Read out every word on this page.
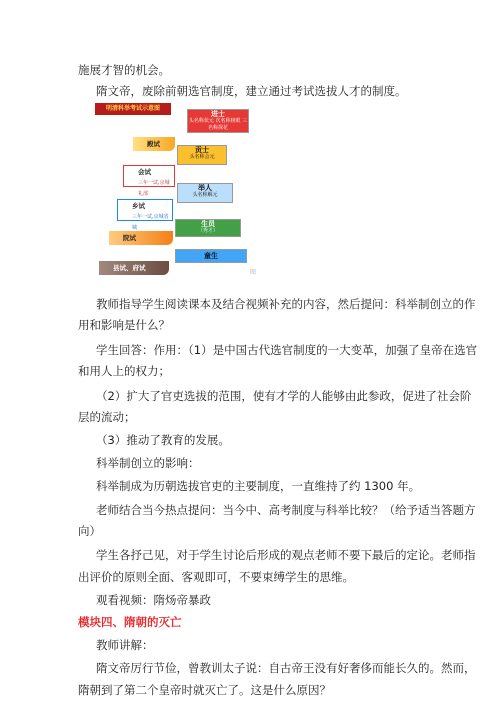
施展才智的机会。
隋文帝，废除前朝选官制度，建立通过考试选拔人才的制度。
明清科举考试示意图
进士
头名称状元 次名称榜眼 三名称探花
贡士
头名称会元
举人
头名称解元
生员
（秀才）
童生
殿试
会试
三年一试,京城礼部
乡试
三年一试,京城省城
院试
县试、府试
图
教师指导学生阅读课本及结合视频补充的内容，然后提问：科举制创立的作
用和影响是什么？
学生回答：作用：（1）是中国古代选官制度的一大变革，加强了皇帝在选官
和用人上的权力；
（2）扩大了官吏选拔的范围，使有才学的人能够由此参政，促进了社会阶
层的流动；
（3）推动了教育的发展。
科举制创立的影响：
科举制成为历朝选拔官吏的主要制度，一直维持了约 1300 年。
老师结合当今热点提问：当今中、高考制度与科举比较？（给予适当答题方
向）
学生各抒己见，对于学生讨论后形成的观点老师不要下最后的定论。老师指
出评价的原则全面、客观即可，不要束缚学生的思维。
观看视频：隋炀帝暴政
模块四、隋朝的灭亡
教师讲解：
隋文帝厉行节俭，曾教训太子说：自古帝王没有好奢侈而能长久的。然而，
隋朝到了第二个皇帝时就灭亡了。这是什么原因？
